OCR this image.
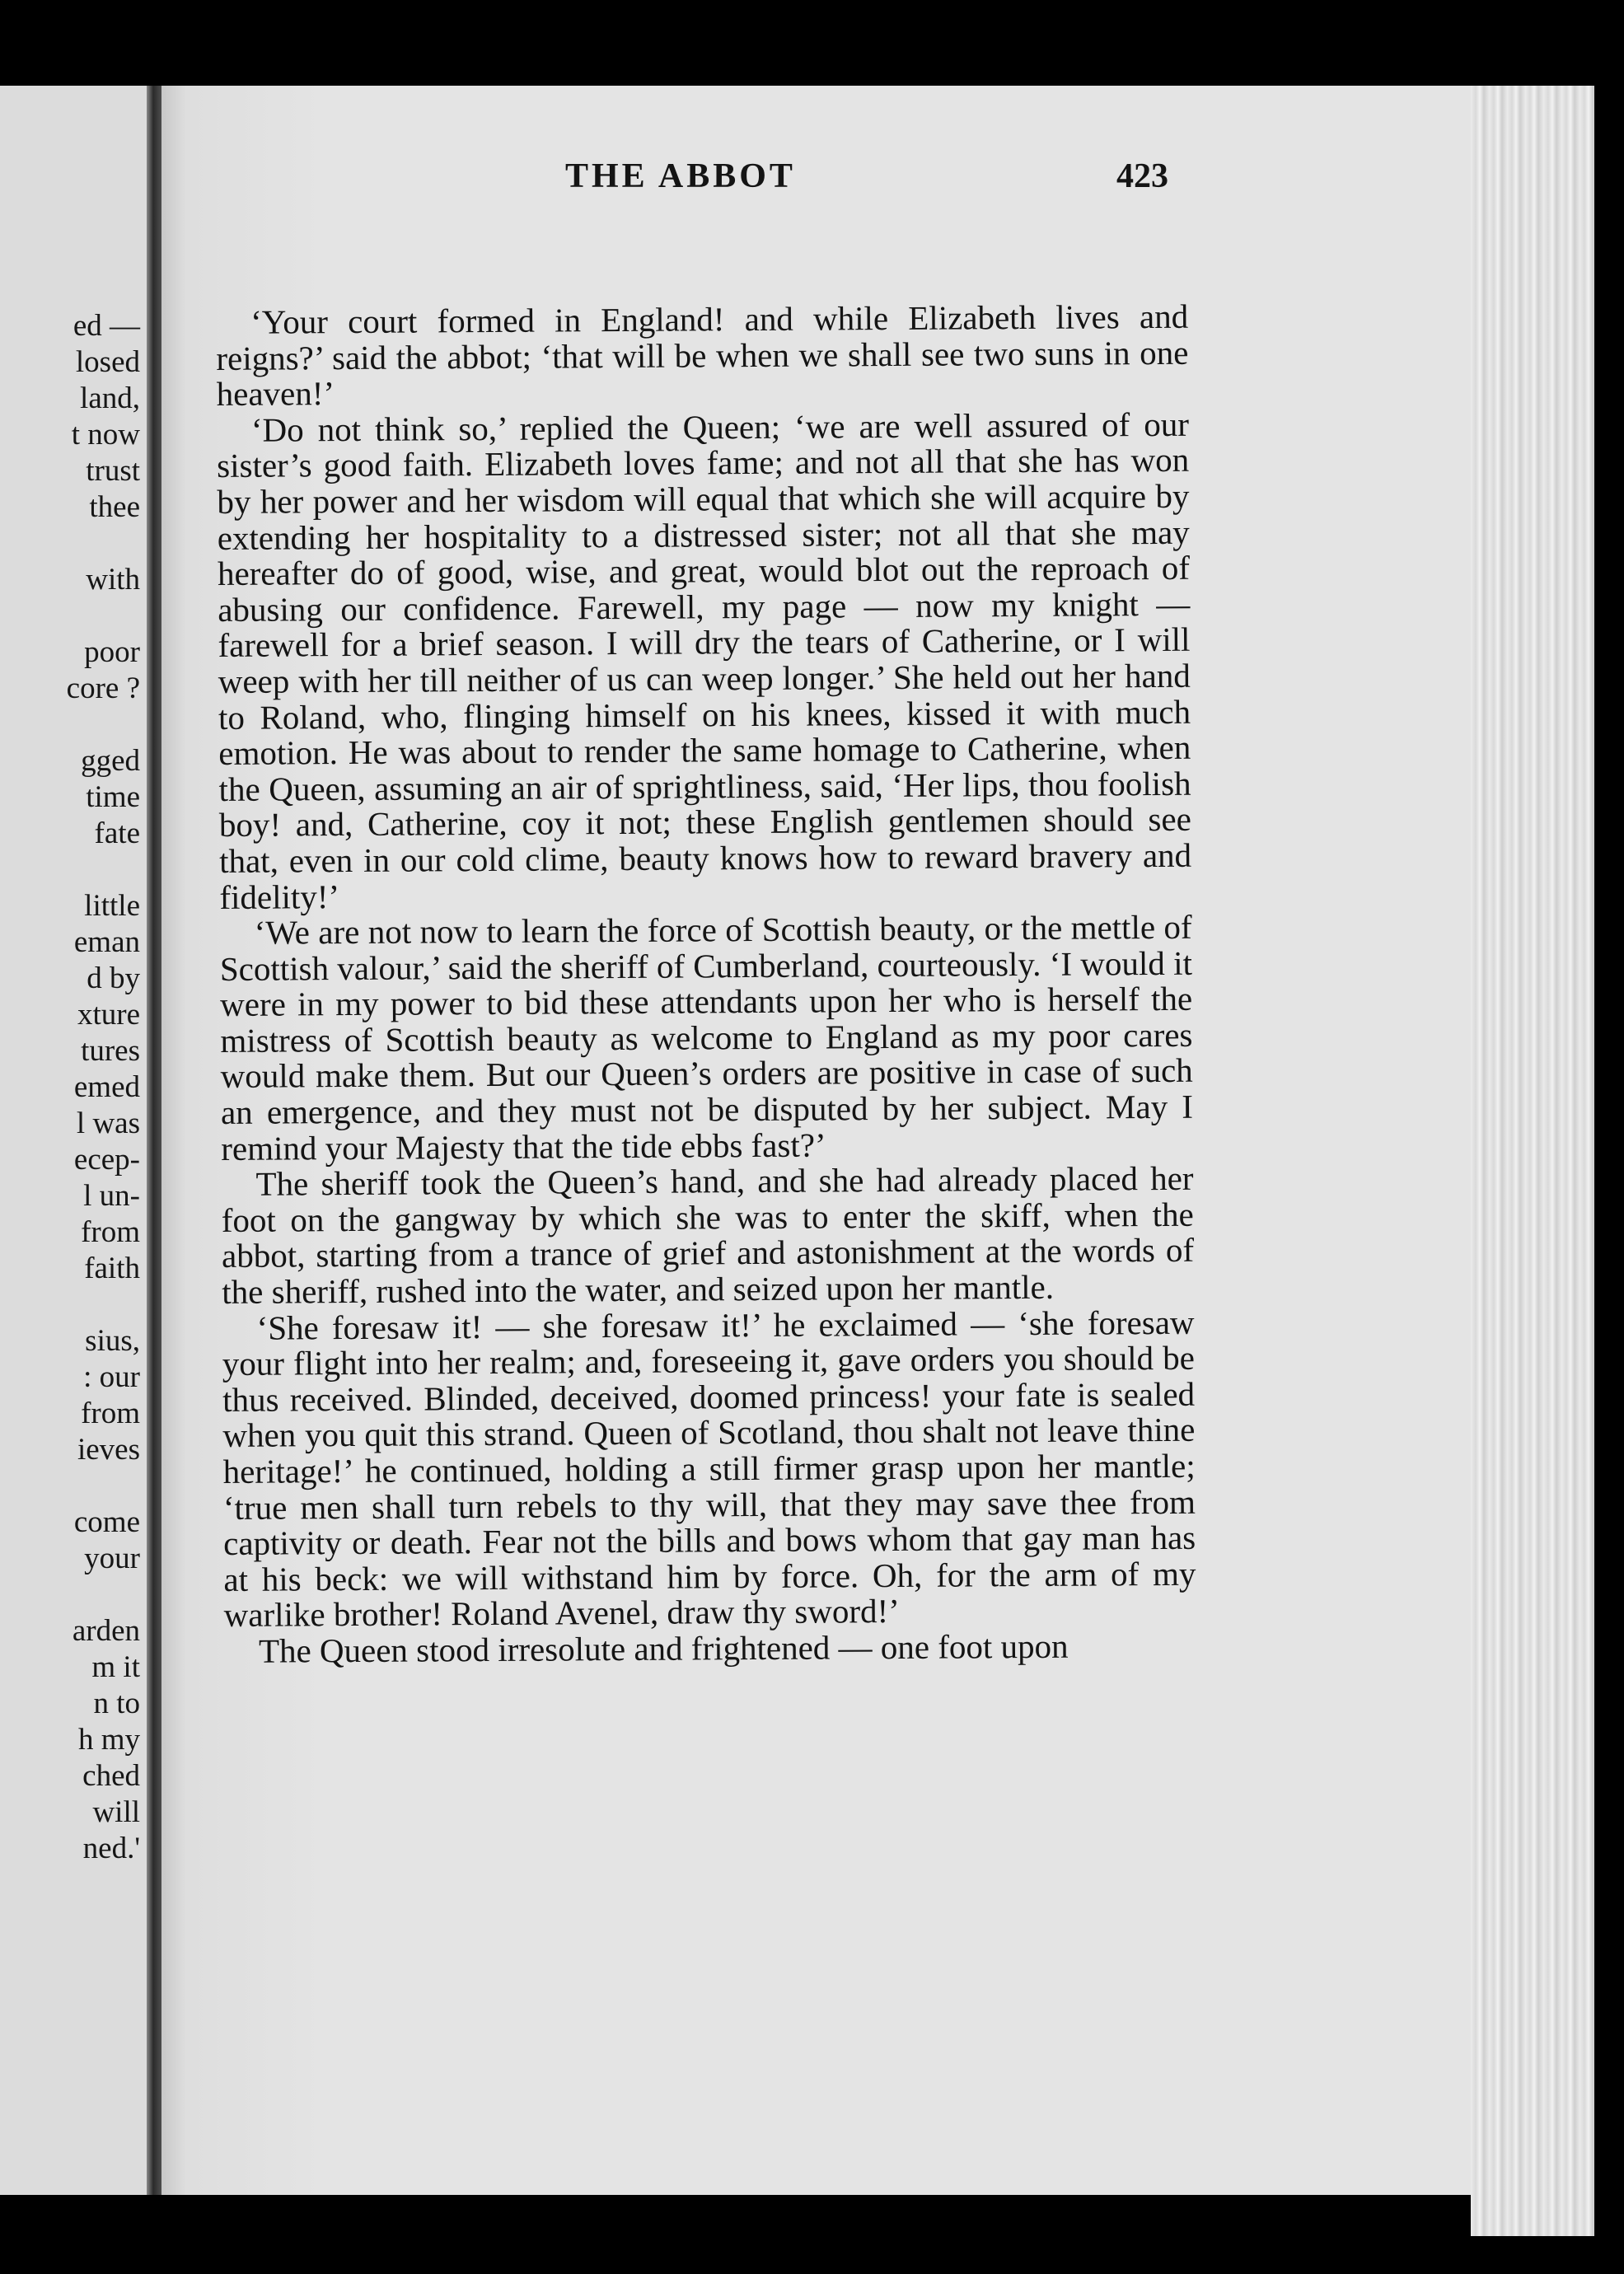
ed —
losed
land,
t now
trust
thee
with
poor
core ?
gged
time
fate
little
eman
d by
xture
tures
emed
l was
ecep-
l un-
from
faith
sius,
: our
from
ieves
come
your
arden
m it
n to
h my
ched
will
ned.'
THE ABBOT	423

‘Your court formed in England! and while Elizabeth lives and reigns?’ said the abbot; ‘that will be when we shall see two suns in one heaven!’

‘Do not think so,’ replied the Queen; ‘we are well assured of our sister’s good faith. Elizabeth loves fame; and not all that she has won by her power and her wisdom will equal that which she will acquire by extending her hospitality to a distressed sister; not all that she may hereafter do of good, wise, and great, would blot out the reproach of abusing our confidence. Farewell, my page — now my knight — farewell for a brief season. I will dry the tears of Catherine, or I will weep with her till neither of us can weep longer.’ She held out her hand to Roland, who, flinging himself on his knees, kissed it with much emotion. He was about to render the same homage to Catherine, when the Queen, assuming an air of sprightliness, said, ‘Her lips, thou foolish boy! and, Catherine, coy it not; these English gentlemen should see that, even in our cold clime, beauty knows how to reward bravery and fidelity!’

‘We are not now to learn the force of Scottish beauty, or the mettle of Scottish valour,’ said the sheriff of Cumberland, courteously. ‘I would it were in my power to bid these attendants upon her who is herself the mistress of Scottish beauty as welcome to England as my poor cares would make them. But our Queen’s orders are positive in case of such an emergence, and they must not be disputed by her subject. May I remind your Majesty that the tide ebbs fast?’

The sheriff took the Queen’s hand, and she had already placed her foot on the gangway by which she was to enter the skiff, when the abbot, starting from a trance of grief and astonishment at the words of the sheriff, rushed into the water, and seized upon her mantle.

‘She foresaw it! — she foresaw it!’ he exclaimed — ‘she foresaw your flight into her realm; and, foreseeing it, gave orders you should be thus received. Blinded, deceived, doomed princess! your fate is sealed when you quit this strand. Queen of Scotland, thou shalt not leave thine heritage!’ he continued, holding a still firmer grasp upon her mantle; ‘true men shall turn rebels to thy will, that they may save thee from captivity or death. Fear not the bills and bows whom that gay man has at his beck: we will withstand him by force. Oh, for the arm of my warlike brother! Roland Avenel, draw thy sword!’

The Queen stood irresolute and frightened — one foot upon
